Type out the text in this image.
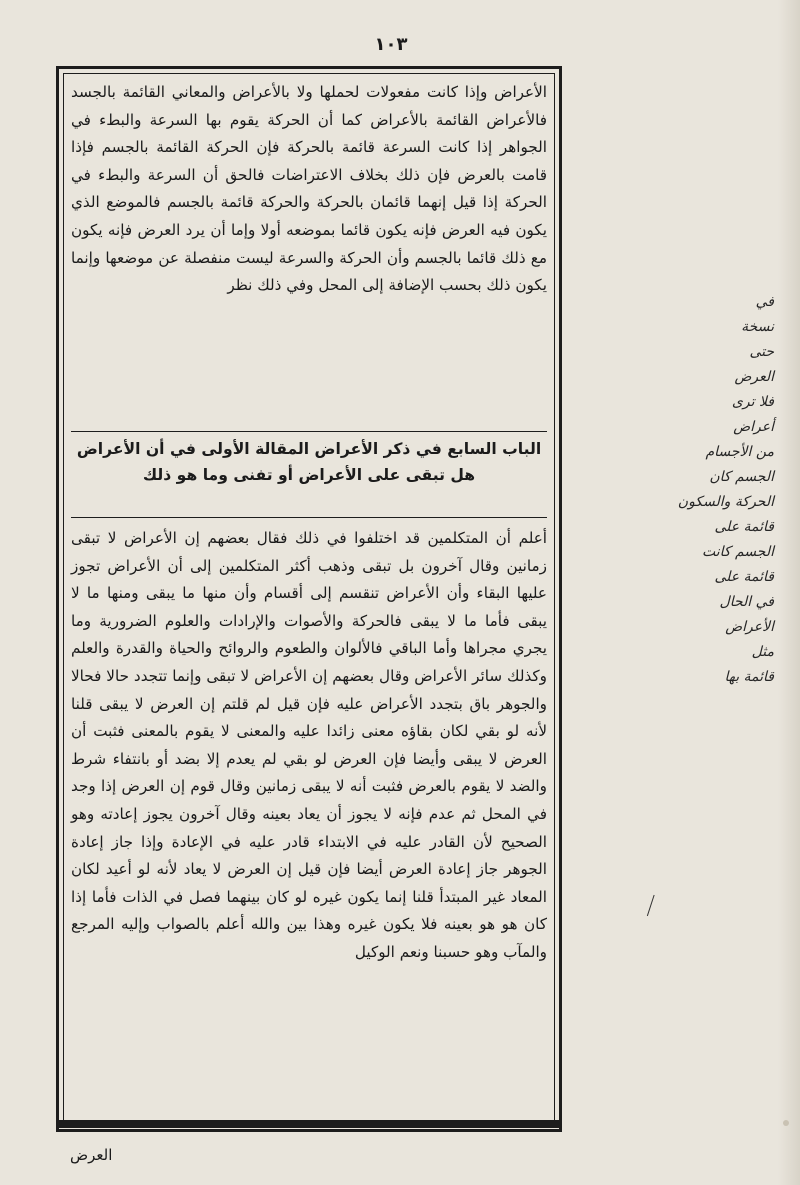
١٠٣
الأعراض وإذا كانت مفعولات لحملها ولا بالأعراض والمعاني القائمة بالجسد فالأعراض القائمة بالأعراض كما أن الحركة يقوم بها السرعة والبطء في الجواهر إذا كانت السرعة قائمة بالحركة فإن الحركة القائمة بالجسم فإذا قامت بالعرض فإن ذلك بخلاف الاعتراضات فالحق أن السرعة والبطء في الحركة إذا قيل إنهما قائمان بالحركة والحركة قائمة بالجسم فالموضع الذي يكون فيه العرض فإنه يكون قائما بموضعه أولا وإما أن يرد العرض فإنه يكون مع ذلك قائما بالجسم وأن الحركة والسرعة ليست منفصلة عن موضعها وإنما يكون ذلك بحسب الإضافة إلى المحل وفي ذلك نظر
الباب السابع في ذكر الأعراض المقالة الأولى في أن الأعراض
هل تبقى على الأعراض أو تفنى وما هو ذلك
أعلم أن المتكلمين قد اختلفوا في ذلك فقال بعضهم إن الأعراض لا تبقى زمانين وقال آخرون بل تبقى وذهب أكثر المتكلمين إلى أن الأعراض تجوز عليها البقاء وأن الأعراض تنقسم إلى أقسام وأن منها ما يبقى ومنها ما لا يبقى فأما ما لا يبقى فالحركة والأصوات والإرادات والعلوم الضرورية وما يجري مجراها وأما الباقي فالألوان والطعوم والروائح والحياة والقدرة والعلم وكذلك سائر الأعراض وقال بعضهم إن الأعراض لا تبقى وإنما تتجدد حالا فحالا والجوهر باق بتجدد الأعراض عليه فإن قيل لم قلتم إن العرض لا يبقى قلنا لأنه لو بقي لكان بقاؤه معنى زائدا عليه والمعنى لا يقوم بالمعنى فثبت أن العرض لا يبقى وأيضا فإن العرض لو بقي لم يعدم إلا بضد أو بانتفاء شرط والضد لا يقوم بالعرض فثبت أنه لا يبقى زمانين وقال قوم إن العرض إذا وجد في المحل ثم عدم فإنه لا يجوز أن يعاد بعينه وقال آخرون يجوز إعادته وهو الصحيح لأن القادر عليه في الابتداء قادر عليه في الإعادة وإذا جاز إعادة الجوهر جاز إعادة العرض أيضا فإن قيل إن العرض لا يعاد لأنه لو أعيد لكان المعاد غير المبتدأ قلنا إنما يكون غيره لو كان بينهما فصل في الذات فأما إذا كان هو هو بعينه فلا يكون غيره وهذا بين والله أعلم بالصواب وإليه المرجع والمآب وهو حسبنا ونعم الوكيل
العرض
في
نسخة
حتى
العرض
فلا ترى
أعراض
من الأجسام
الجسم كان
الحركة والسكون
قائمة على
الجسم كانت
قائمة على
في الحال
الأعراض
مثل
قائمة بها
